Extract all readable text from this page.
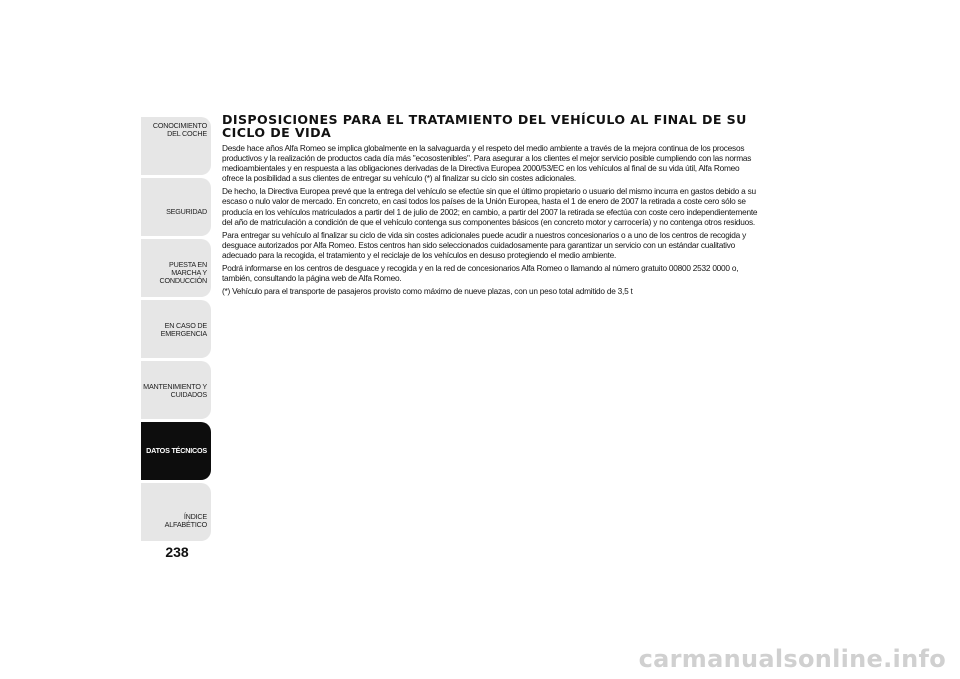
CONOCIMIENTO DEL COCHE
SEGURIDAD
PUESTA EN MARCHA Y CONDUCCIÓN
EN CASO DE EMERGENCIA
MANTENIMIENTO Y CUIDADOS
DATOS TÉCNICOS
ÍNDICE ALFABÉTICO
238
DISPOSICIONES PARA EL TRATAMIENTO DEL VEHÍCULO AL FINAL DE SU CICLO DE VIDA

Desde hace años Alfa Romeo se implica globalmente en la salvaguarda y el respeto del medio ambiente a través de la mejora continua de los procesos productivos y la realización de productos cada día más "ecosostenibles". Para asegurar a los clientes el mejor servicio posible cumpliendo con las normas medioambientales y en respuesta a las obligaciones derivadas de la Directiva Europea 2000/53/EC en los vehículos al final de su vida útil, Alfa Romeo ofrece la posibilidad a sus clientes de entregar su vehículo (*) al finalizar su ciclo sin costes adicionales.

De hecho, la Directiva Europea prevé que la entrega del vehículo se efectúe sin que el último propietario o usuario del mismo incurra en gastos debido a su escaso o nulo valor de mercado. En concreto, en casi todos los países de la Unión Europea, hasta el 1 de enero de 2007 la retirada a coste cero sólo se producía en los vehículos matriculados a partir del 1 de julio de 2002; en cambio, a partir del 2007 la retirada se efectúa con coste cero independientemente del año de matriculación a condición de que el vehículo contenga sus componentes básicos (en concreto motor y carrocería) y no contenga otros residuos.

Para entregar su vehículo al finalizar su ciclo de vida sin costes adicionales puede acudir a nuestros concesionarios o a uno de los centros de recogida y desguace autorizados por Alfa Romeo. Estos centros han sido seleccionados cuidadosamente para garantizar un servicio con un estándar cualitativo adecuado para la recogida, el tratamiento y el reciclaje de los vehículos en desuso protegiendo el medio ambiente.

Podrá informarse en los centros de desguace y recogida y en la red de concesionarios Alfa Romeo o llamando al número gratuito 00800 2532 0000 o, también, consultando la página web de Alfa Romeo.

(*) Vehículo para el transporte de pasajeros provisto como máximo de nueve plazas, con un peso total admitido de 3,5 t

carmanualsonline.info
